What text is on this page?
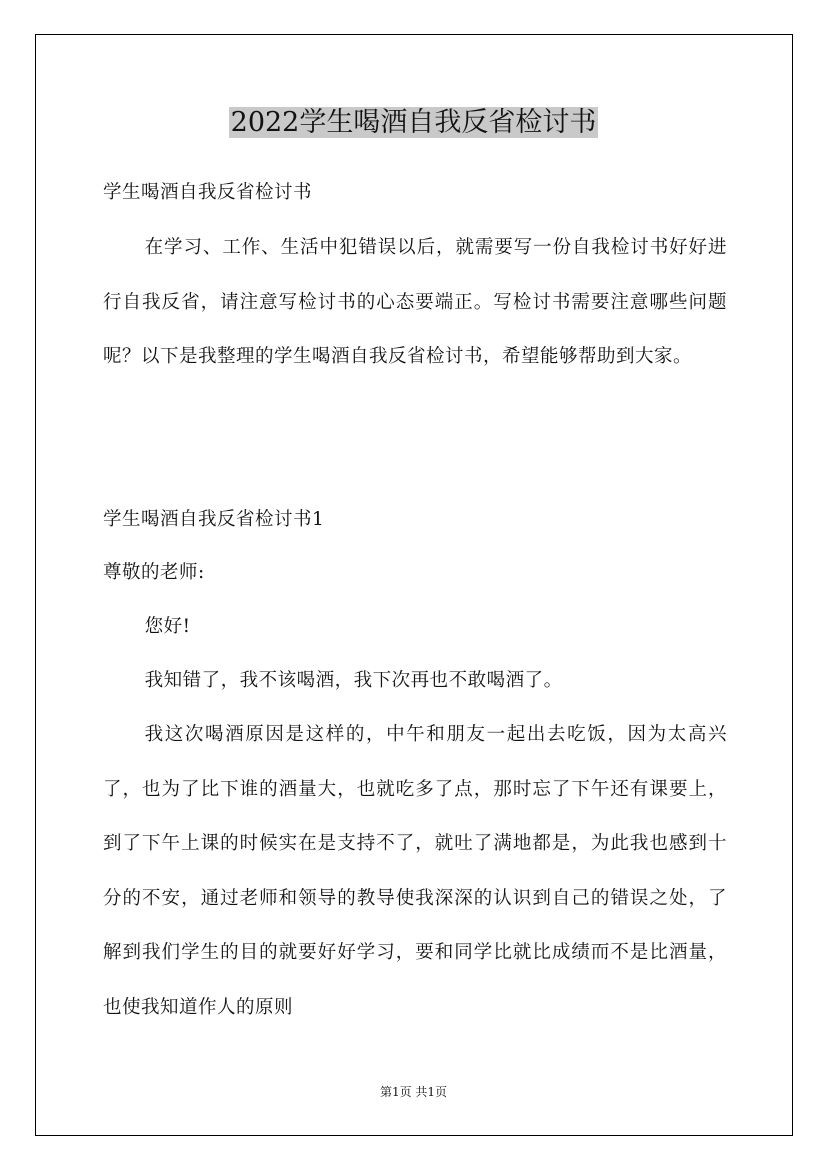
2022学生喝酒自我反省检讨书
学生喝酒自我反省检讨书
在学习、工作、生活中犯错误以后，就需要写一份自我检讨书好好进行自我反省，请注意写检讨书的心态要端正。写检讨书需要注意哪些问题呢？以下是我整理的学生喝酒自我反省检讨书，希望能够帮助到大家。
学生喝酒自我反省检讨书1
尊敬的老师:
您好!
我知错了，我不该喝酒，我下次再也不敢喝酒了。
我这次喝酒原因是这样的，中午和朋友一起出去吃饭，因为太高兴了，也为了比下谁的酒量大，也就吃多了点，那时忘了下午还有课要上，到了下午上课的时候实在是支持不了，就吐了满地都是，为此我也感到十分的不安，通过老师和领导的教导使我深深的认识到自己的错误之处，了解到我们学生的目的就要好好学习，要和同学比就比成绩而不是比酒量，也使我知道作人的原则
第1页 共1页
